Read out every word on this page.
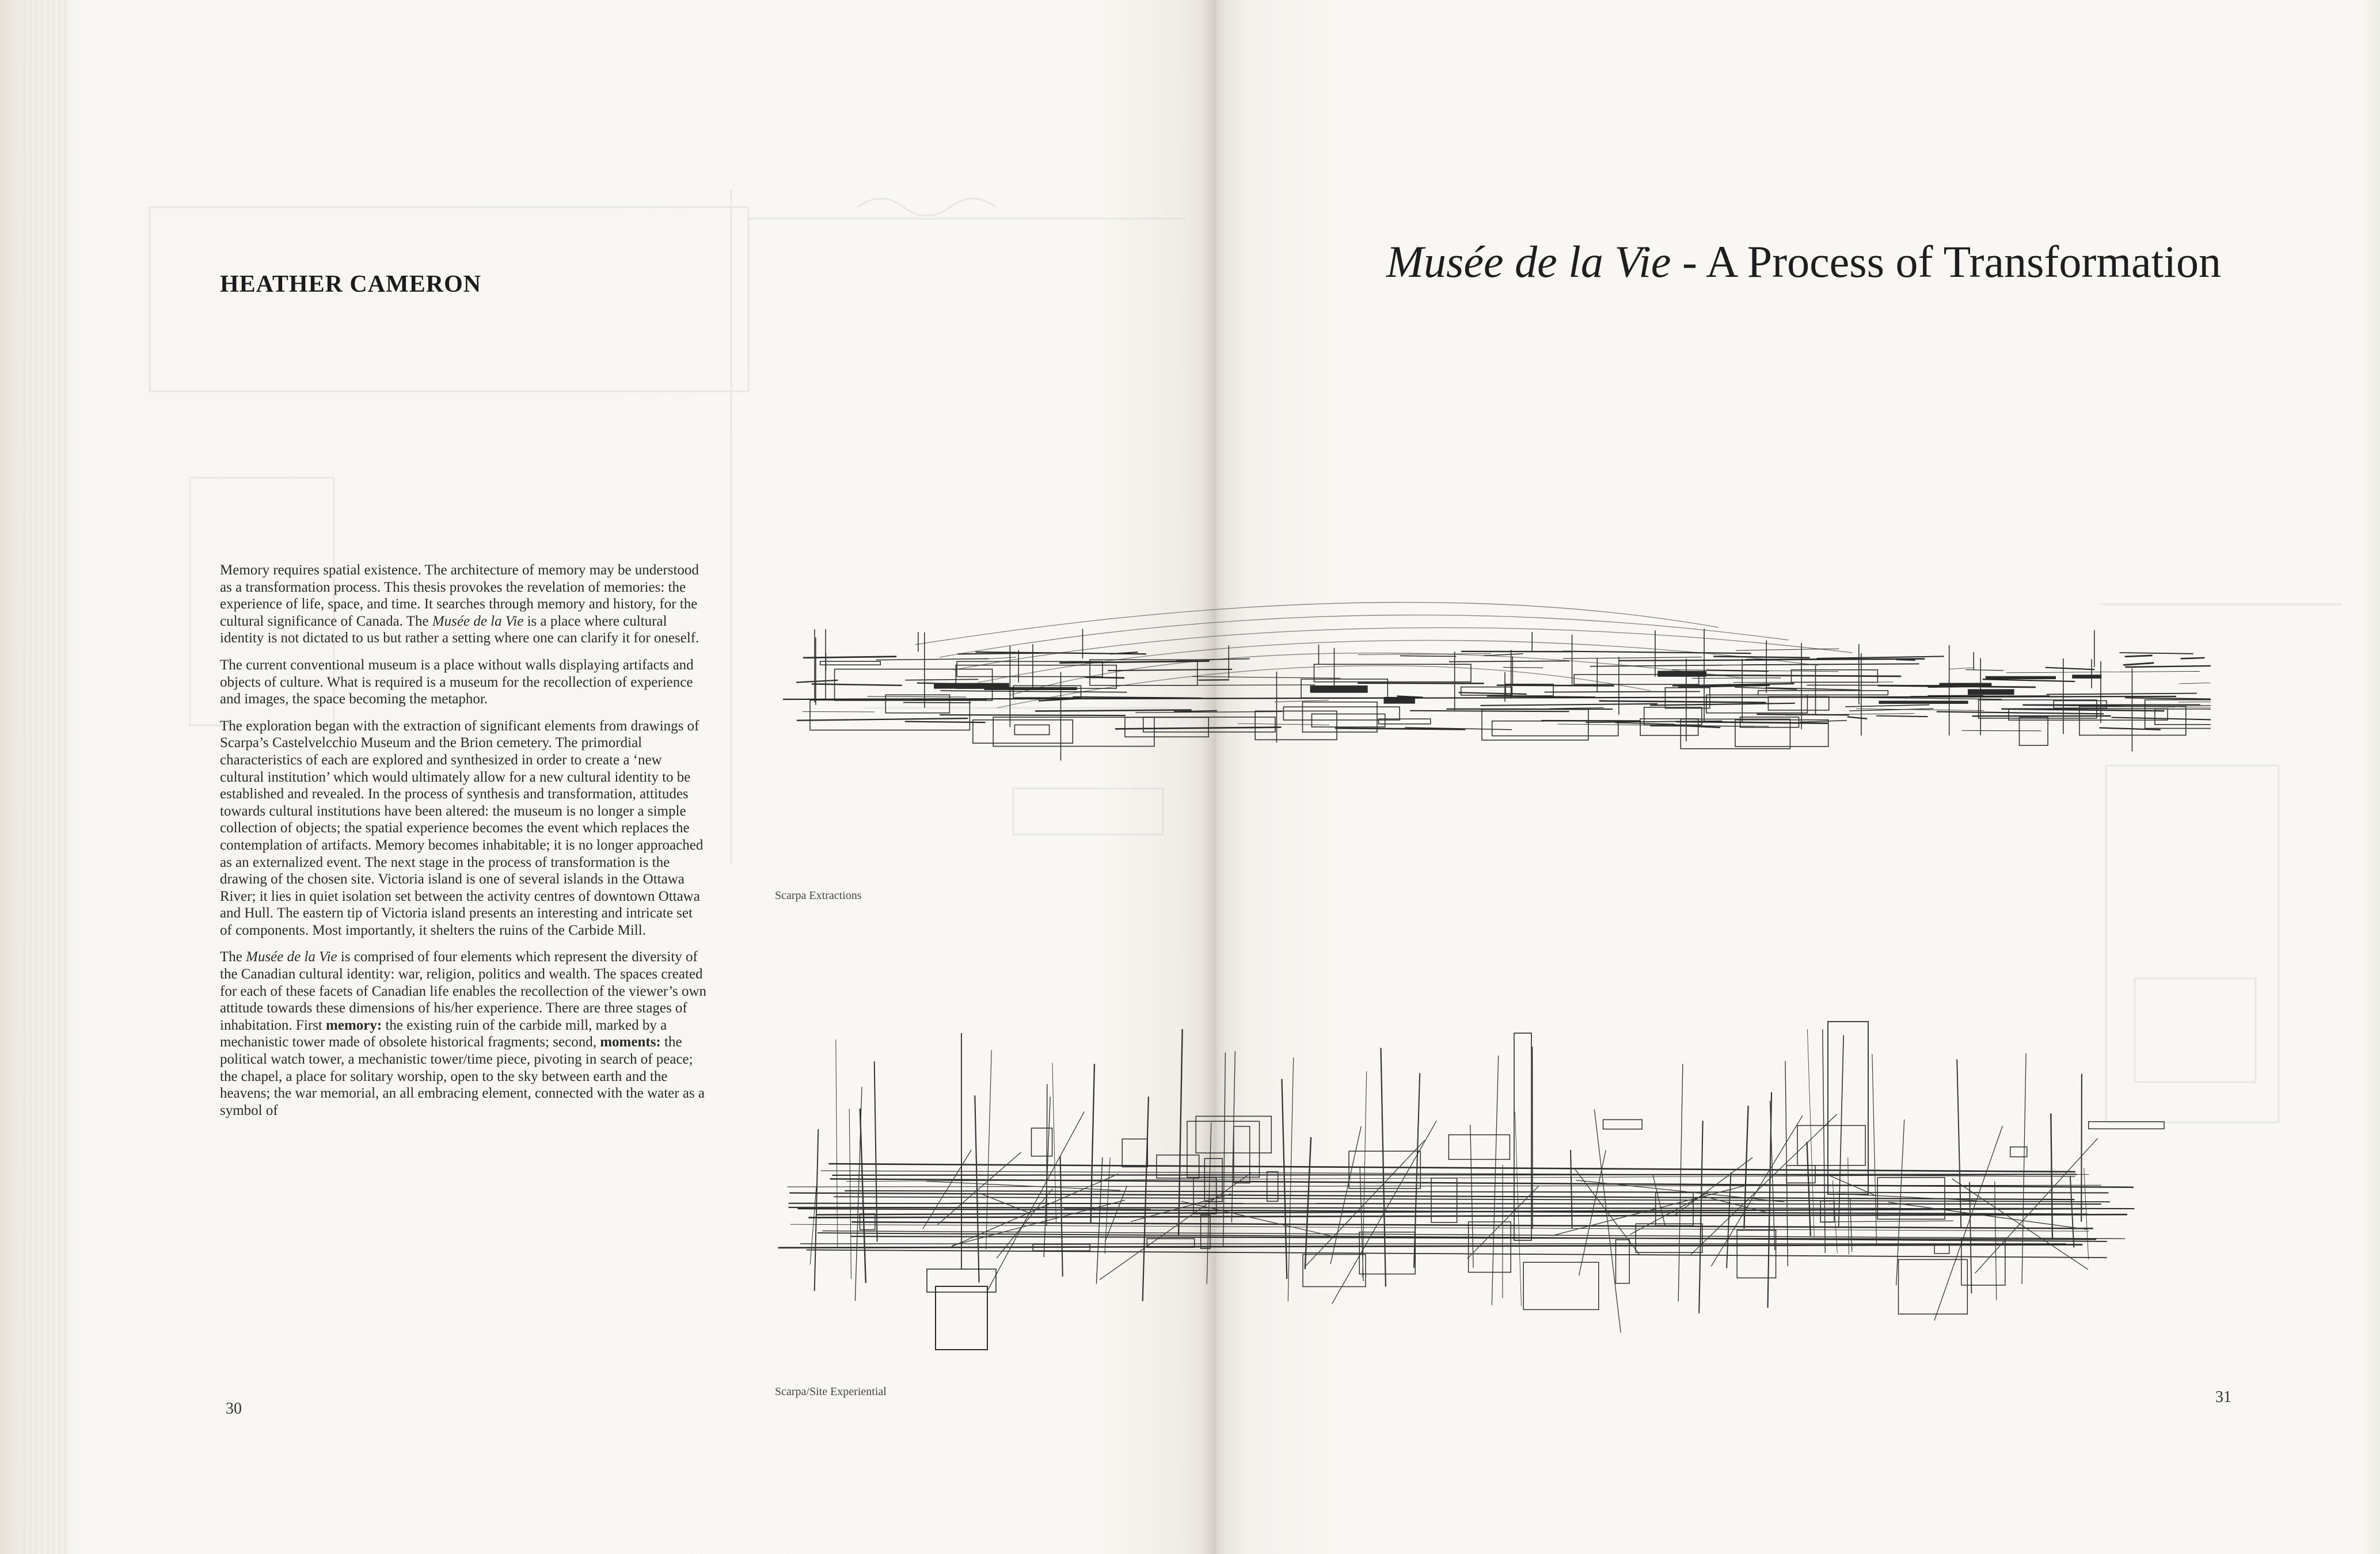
HEATHER CAMERON

Memory requires spatial existence. The architecture of memory may be understood as a transformation process. This thesis provokes the revelation of memories: the experience of life, space, and time. It searches through memory and history, for the cultural significance of Canada. The Musée de la Vie is a place where cultural identity is not dictated to us but rather a setting where one can clarify it for oneself.

The current conventional museum is a place without walls displaying artifacts and objects of culture. What is required is a museum for the recollection of experience and images, the space becoming the metaphor.

The exploration began with the extraction of significant elements from drawings of Scarpa’s Castelvelcchio Museum and the Brion cemetery. The primordial characteristics of each are explored and synthesized in order to create a ‘new cultural institution’ which would ultimately allow for a new cultural identity to be established and revealed. In the process of synthesis and transformation, attitudes towards cultural institutions have been altered: the museum is no longer a simple collection of objects; the spatial experience becomes the event which replaces the contemplation of artifacts. Memory becomes inhabitable; it is no longer approached as an externalized event. The next stage in the process of transformation is the drawing of the chosen site. Victoria island is one of several islands in the Ottawa River; it lies in quiet isolation set between the activity centres of downtown Ottawa and Hull. The eastern tip of Victoria island presents an interesting and intricate set of components. Most importantly, it shelters the ruins of the Carbide Mill.

The Musée de la Vie is comprised of four elements which represent the diversity of the Canadian cultural identity: war, religion, politics and wealth. The spaces created for each of these facets of Canadian life enables the recollection of the viewer’s own attitude towards these dimensions of his/her experience. There are three stages of inhabitation. First memory: the existing ruin of the carbide mill, marked by a mechanistic tower made of obsolete historical fragments; second, moments: the political watch tower, a mechanistic tower/time piece, pivoting in search of peace; the chapel, a place for solitary worship, open to the sky between earth and the heavens; the war memorial, an all embracing element, connected with the water as a symbol of

30

Musée de la Vie - A Process of Transformation

31

Scarpa Extractions

Scarpa/Site Experiential
